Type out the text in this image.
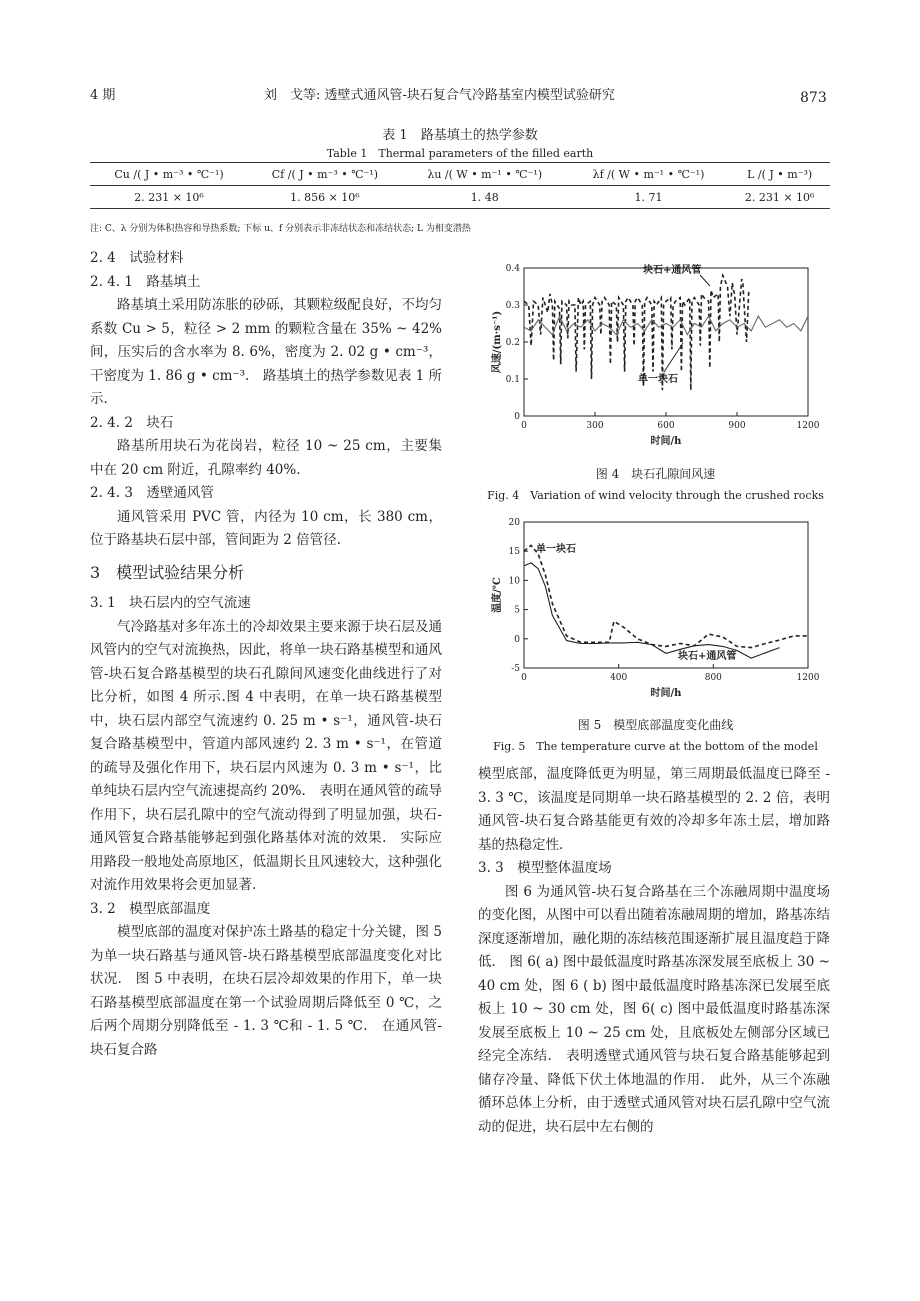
4 期	刘　戈等: 透壁式通风管-块石复合气冷路基室内模型试验研究	873
表 1　路基填土的热学参数
Table 1　Thermal parameters of the filled earth
Cu /( J • m⁻³ • ℃⁻¹)	Cf /( J • m⁻³ • ℃⁻¹)	λu /( W • m⁻¹ • ℃⁻¹)	λf /( W • m⁻¹ • ℃⁻¹)	L /( J • m⁻³)
2. 231 × 10⁶	1. 856 × 10⁶	1. 48	1. 71	2. 231 × 10⁶
注: C、λ 分别为体积热容和导热系数; 下标 u、f 分别表示非冻结状态和冻结状态; L 为相变潜热

2. 4　试验材料

2. 4. 1　路基填土

路基填土采用防冻胀的砂砾，其颗粒级配良好，不均匀系数 Cu > 5，粒径 > 2 mm 的颗粒含量在 35% ~ 42% 间，压实后的含水率为 8. 6%，密度为 2. 02 g • cm⁻³，干密度为 1. 86 g • cm⁻³.　路基填土的热学参数见表 1 所示.

2. 4. 2　块石

路基所用块石为花岗岩，粒径 10 ~ 25 cm，主要集中在 20 cm 附近，孔隙率约 40%.

2. 4. 3　透壁通风管

通风管采用 PVC 管，内径为 10 cm，长 380 cm，位于路基块石层中部，管间距为 2 倍管径.

3　模型试验结果分析

3. 1　块石层内的空气流速

气冷路基对多年冻土的冷却效果主要来源于块石层及通风管内的空气对流换热，因此，将单一块石路基模型和通风管-块石复合路基模型的块石孔隙间风速变化曲线进行了对比分析，如图 4 所示.图 4 中表明，在单一块石路基模型中，块石层内部空气流速约 0. 25 m • s⁻¹，通风管-块石复合路基模型中，管道内部风速约 2. 3 m • s⁻¹，在管道的疏导及强化作用下，块石层内风速为 0. 3 m • s⁻¹，比单纯块石层内空气流速提高约 20%.　表明在通风管的疏导作用下，块石层孔隙中的空气流动得到了明显加强，块石-通风管复合路基能够起到强化路基体对流的效果.　实际应用路段一般地处高原地区，低温期长且风速较大，这种强化对流作用效果将会更加显著.

3. 2　模型底部温度

模型底部的温度对保护冻土路基的稳定十分关键，图 5 为单一块石路基与通风管-块石路基模型底部温度变化对比状况.　图 5 中表明，在块石层冷却效果的作用下，单一块石路基模型底部温度在第一个试验周期后降低至 0 ℃，之后两个周期分别降低至 - 1. 3 ℃和 - 1. 5 ℃.　在通风管-块石复合路

0	300	600	900	1200
0
0.1
0.2
0.3
0.4
时间/h
风速/(m·s⁻¹)
块石+通风管
单一块石
图 4　块石孔隙间风速
Fig. 4　Variation of wind velocity through the crushed rocks
0	400	800	1200
-5
0
5
10
15
20
时间/h
温度/℃
单一块石
块石+通风管
图 5　模型底部温度变化曲线
Fig. 5　The temperature curve at the bottom of the model

模型底部，温度降低更为明显，第三周期最低温度已降至 - 3. 3 ℃，该温度是同期单一块石路基模型的 2. 2 倍，表明通风管-块石复合路基能更有效的冷却多年冻土层，增加路基的热稳定性.

3. 3　模型整体温度场

图 6 为通风管-块石复合路基在三个冻融周期中温度场的变化图，从图中可以看出随着冻融周期的增加，路基冻结深度逐渐增加，融化期的冻结核范围逐渐扩展且温度趋于降低.　图 6( a) 图中最低温度时路基冻深发展至底板上 30 ~ 40 cm 处，图 6 ( b) 图中最低温度时路基冻深已发展至底板上 10 ~ 30 cm 处，图 6( c) 图中最低温度时路基冻深发展至底板上 10 ~ 25 cm 处，且底板处左侧部分区域已经完全冻结.　表明透壁式通风管与块石复合路基能够起到储存冷量、降低下伏土体地温的作用.　此外，从三个冻融循环总体上分析，由于透壁式通风管对块石层孔隙中空气流动的促进，块石层中左右侧的
